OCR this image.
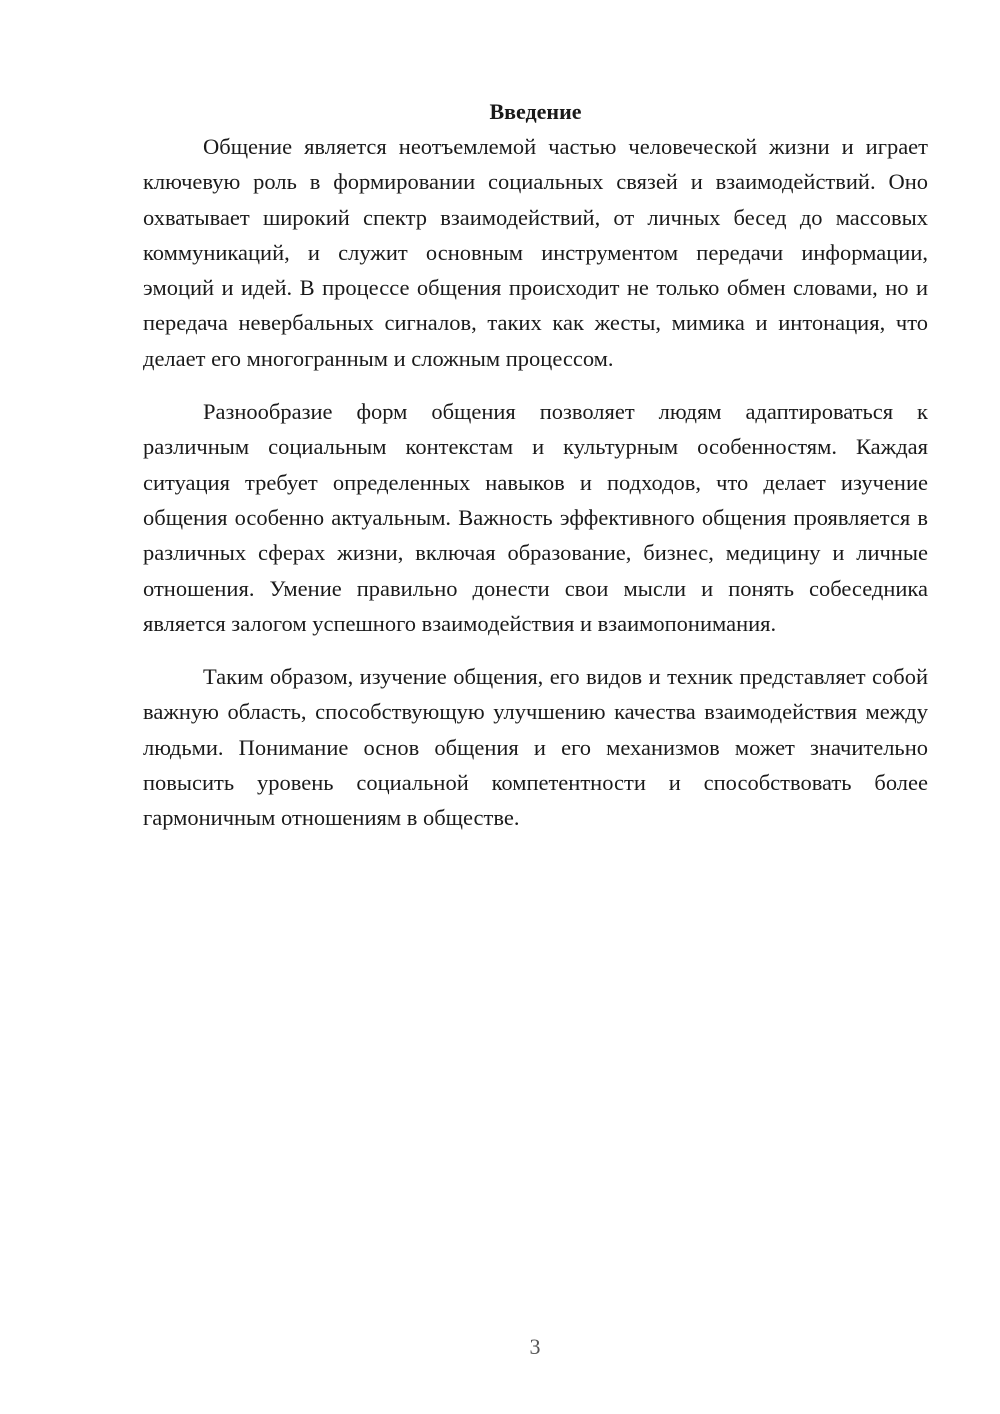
Введение

Общение является неотъемлемой частью человеческой жизни и играет ключевую роль в формировании социальных связей и взаимодействий. Оно охватывает широкий спектр взаимодействий, от личных бесед до массовых коммуникаций, и служит основным инструментом передачи информации, эмоций и идей. В процессе общения происходит не только обмен словами, но и передача невербальных сигналов, таких как жесты, мимика и интонация, что делает его многогранным и сложным процессом.

Разнообразие форм общения позволяет людям адаптироваться к различным социальным контекстам и культурным особенностям. Каждая ситуация требует определенных навыков и подходов, что делает изучение общения особенно актуальным. Важность эффективного общения проявляется в различных сферах жизни, включая образование, бизнес, медицину и личные отношения. Умение правильно донести свои мысли и понять собеседника является залогом успешного взаимодействия и взаимопонимания.

Таким образом, изучение общения, его видов и техник представляет собой важную область, способствующую улучшению качества взаимодействия между людьми. Понимание основ общения и его механизмов может значительно повысить уровень социальной компетентности и способствовать более гармоничным отношениям в обществе.

3
